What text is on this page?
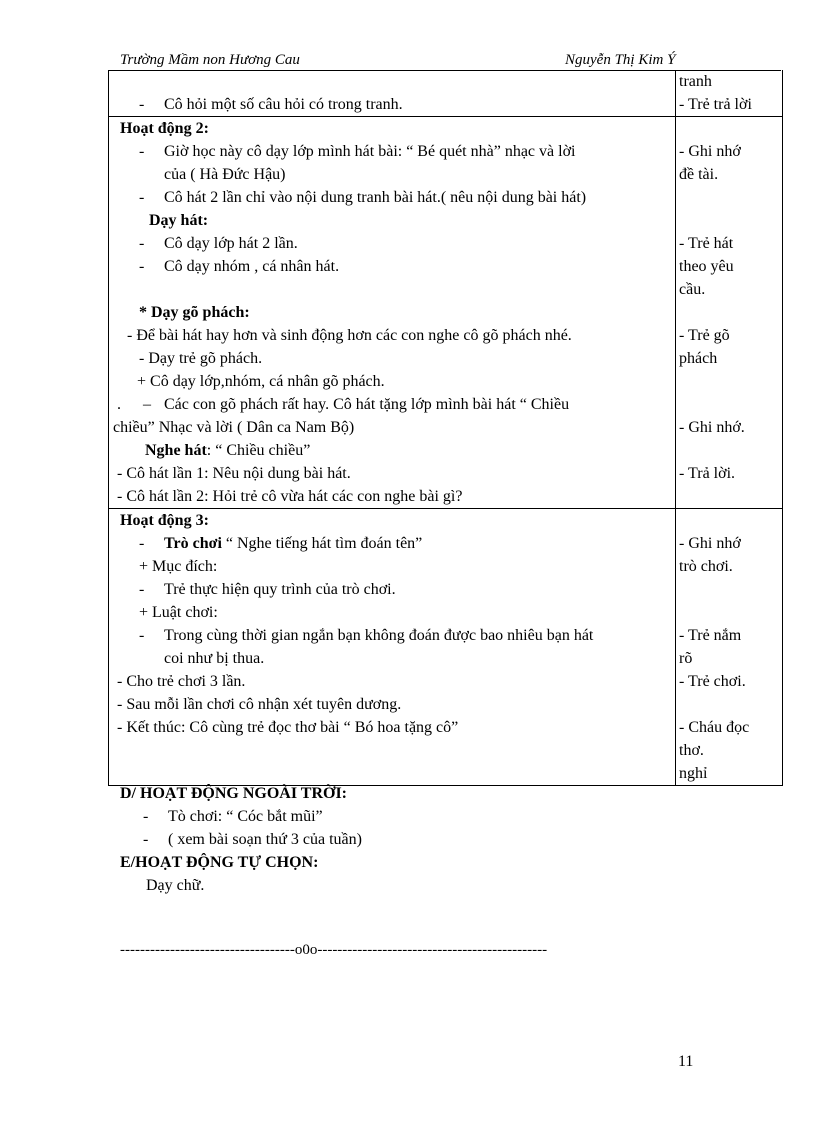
Trường Mầm non Hương Cau	Nguyễn Thị Kim Ý
- Cô hỏi một số câu hỏi có trong tranh.
tranh
- Trẻ trả lời
Hoạt động 2:
- Giờ học này cô dạy lớp mình hát bài: “ Bé quét nhà” nhạc và lời
của ( Hà Đức Hậu)
- Cô hát 2 lần chỉ vào nội dung tranh bài hát.( nêu nội dung bài hát)
Dạy hát:
- Cô dạy lớp hát 2 lần.
- Cô dạy nhóm , cá nhân hát.
* Dạy gõ phách:
- Để bài hát hay hơn và sinh động hơn các con nghe cô gõ phách nhé.
- Dạy trẻ gõ phách.
+ Cô dạy lớp,nhóm, cá nhân gõ phách.
. – Các con gõ phách rất hay. Cô hát tặng lớp mình bài hát “ Chiều
chiều” Nhạc và lời ( Dân ca Nam Bộ)
Nghe hát: “ Chiều chiều”
- Cô hát lần 1: Nêu nội dung bài hát.
- Cô hát lần 2: Hỏi trẻ cô vừa hát các con nghe bài gì?
- Ghi nhớ
đề tài.
- Trẻ hát
theo yêu
cầu.
- Trẻ gõ
phách
- Ghi nhớ.
- Trả lời.
Hoạt động 3:
- Trò chơi “ Nghe tiếng hát tìm đoán tên”
+ Mục đích:
- Trẻ thực hiện quy trình của trò chơi.
+ Luật chơi:
- Trong cùng thời gian ngắn bạn không đoán được bao nhiêu bạn hát
coi như bị thua.
- Cho trẻ chơi 3 lần.
- Sau mỗi lần chơi cô nhận xét tuyên dương.
- Kết thúc: Cô cùng trẻ đọc thơ bài “ Bó hoa tặng cô”
- Ghi nhớ
trò chơi.
- Trẻ nắm
rõ
- Trẻ chơi.
- Cháu đọc
thơ.
nghỉ
D/ HOẠT ĐỘNG NGOÀI TRỜI:
- Tò chơi: “ Cóc bắt mũi”
- ( xem bài soạn thứ 3 của tuần)
E/HOẠT ĐỘNG TỰ CHỌN:
Dạy chữ.
-----------------------------------o0o----------------------------------------------
11
